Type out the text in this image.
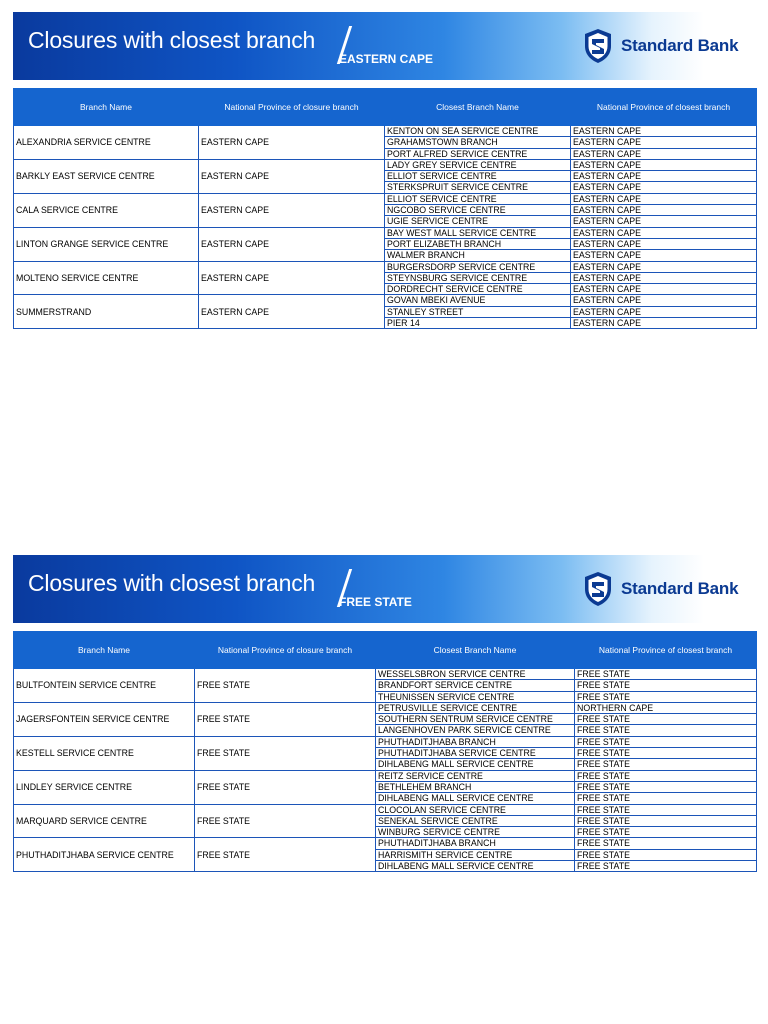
Closures with closest branch
EASTERN CAPE
Standard Bank
Branch Name	National Province of closure branch	Closest Branch Name	National Province of closest branch
ALEXANDRIA SERVICE CENTRE	EASTERN CAPE	KENTON ON SEA SERVICE CENTRE	EASTERN CAPE
		GRAHAMSTOWN BRANCH	EASTERN CAPE
		PORT ALFRED SERVICE CENTRE	EASTERN CAPE
BARKLY EAST SERVICE CENTRE	EASTERN CAPE	LADY GREY SERVICE CENTRE	EASTERN CAPE
		ELLIOT SERVICE CENTRE	EASTERN CAPE
		STERKSPRUIT SERVICE CENTRE	EASTERN CAPE
CALA SERVICE CENTRE	EASTERN CAPE	ELLIOT SERVICE CENTRE	EASTERN CAPE
		NGCOBO SERVICE CENTRE	EASTERN CAPE
		UGIE SERVICE CENTRE	EASTERN CAPE
LINTON GRANGE SERVICE CENTRE	EASTERN CAPE	BAY WEST MALL SERVICE CENTRE	EASTERN CAPE
		PORT ELIZABETH BRANCH	EASTERN CAPE
		WALMER BRANCH	EASTERN CAPE
MOLTENO SERVICE CENTRE	EASTERN CAPE	BURGERSDORP SERVICE CENTRE	EASTERN CAPE
		STEYNSBURG SERVICE CENTRE	EASTERN CAPE
		DORDRECHT SERVICE CENTRE	EASTERN CAPE
SUMMERSTRAND	EASTERN CAPE	GOVAN MBEKI AVENUE	EASTERN CAPE
		STANLEY STREET	EASTERN CAPE
		PIER 14	EASTERN CAPE
Closures with closest branch
FREE STATE
Standard Bank
Branch Name	National Province of closure branch	Closest Branch Name	National Province of closest branch
BULTFONTEIN SERVICE CENTRE	FREE STATE	WESSELSBRON SERVICE CENTRE	FREE STATE
		BRANDFORT SERVICE CENTRE	FREE STATE
		THEUNISSEN SERVICE CENTRE	FREE STATE
JAGERSFONTEIN SERVICE CENTRE	FREE STATE	PETRUSVILLE SERVICE CENTRE	NORTHERN CAPE
		SOUTHERN SENTRUM SERVICE CENTRE	FREE STATE
		LANGENHOVEN PARK SERVICE CENTRE	FREE STATE
KESTELL SERVICE CENTRE	FREE STATE	PHUTHADITJHABA BRANCH	FREE STATE
		PHUTHADITJHABA SERVICE CENTRE	FREE STATE
		DIHLABENG MALL SERVICE CENTRE	FREE STATE
LINDLEY SERVICE CENTRE	FREE STATE	REITZ SERVICE CENTRE	FREE STATE
		BETHLEHEM BRANCH	FREE STATE
		DIHLABENG MALL SERVICE CENTRE	FREE STATE
MARQUARD SERVICE CENTRE	FREE STATE	CLOCOLAN SERVICE CENTRE	FREE STATE
		SENEKAL SERVICE CENTRE	FREE STATE
		WINBURG SERVICE CENTRE	FREE STATE
PHUTHADITJHABA SERVICE CENTRE	FREE STATE	PHUTHADITJHABA BRANCH	FREE STATE
		HARRISMITH SERVICE CENTRE	FREE STATE
		DIHLABENG MALL SERVICE CENTRE	FREE STATE
